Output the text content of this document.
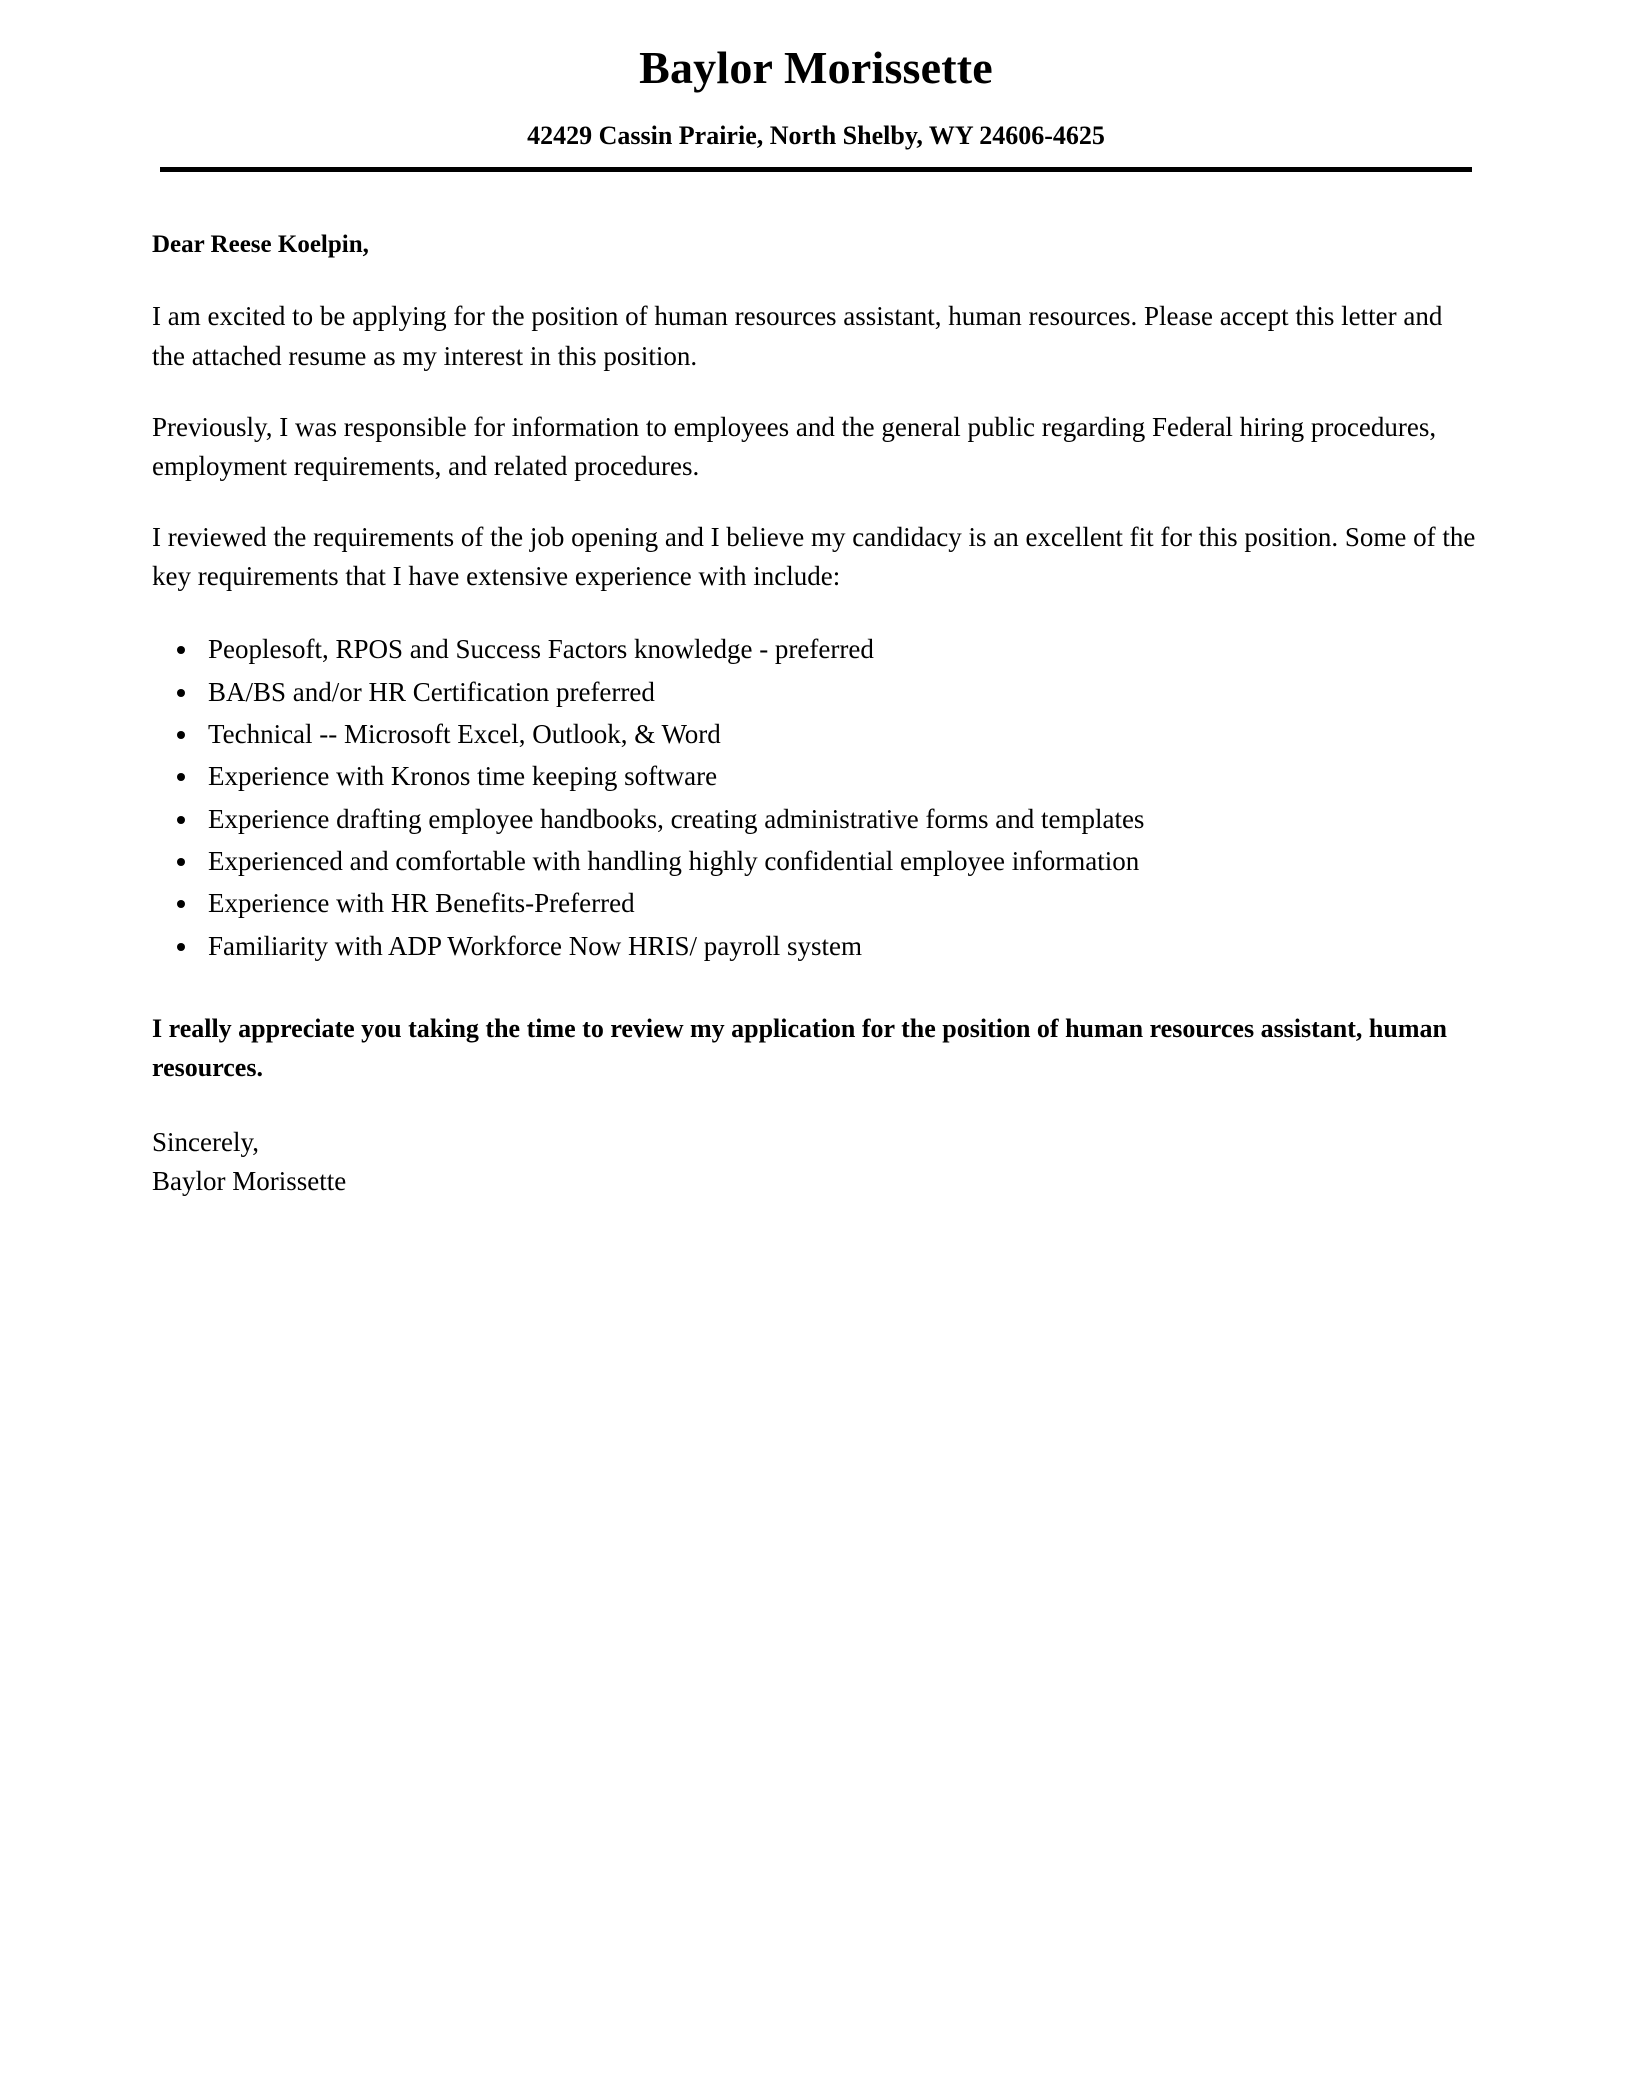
Baylor Morissette
42429 Cassin Prairie, North Shelby, WY 24606-4625

Dear Reese Koelpin,

I am excited to be applying for the position of human resources assistant, human resources. Please accept this letter and the attached resume as my interest in this position.

Previously, I was responsible for information to employees and the general public regarding Federal hiring procedures, employment requirements, and related procedures.

I reviewed the requirements of the job opening and I believe my candidacy is an excellent fit for this position. Some of the key requirements that I have extensive experience with include:

• Peoplesoft, RPOS and Success Factors knowledge - preferred
• BA/BS and/or HR Certification preferred
• Technical -- Microsoft Excel, Outlook, & Word
• Experience with Kronos time keeping software
• Experience drafting employee handbooks, creating administrative forms and templates
• Experienced and comfortable with handling highly confidential employee information
• Experience with HR Benefits-Preferred
• Familiarity with ADP Workforce Now HRIS/ payroll system

I really appreciate you taking the time to review my application for the position of human resources assistant, human resources.

Sincerely,
Baylor Morissette
